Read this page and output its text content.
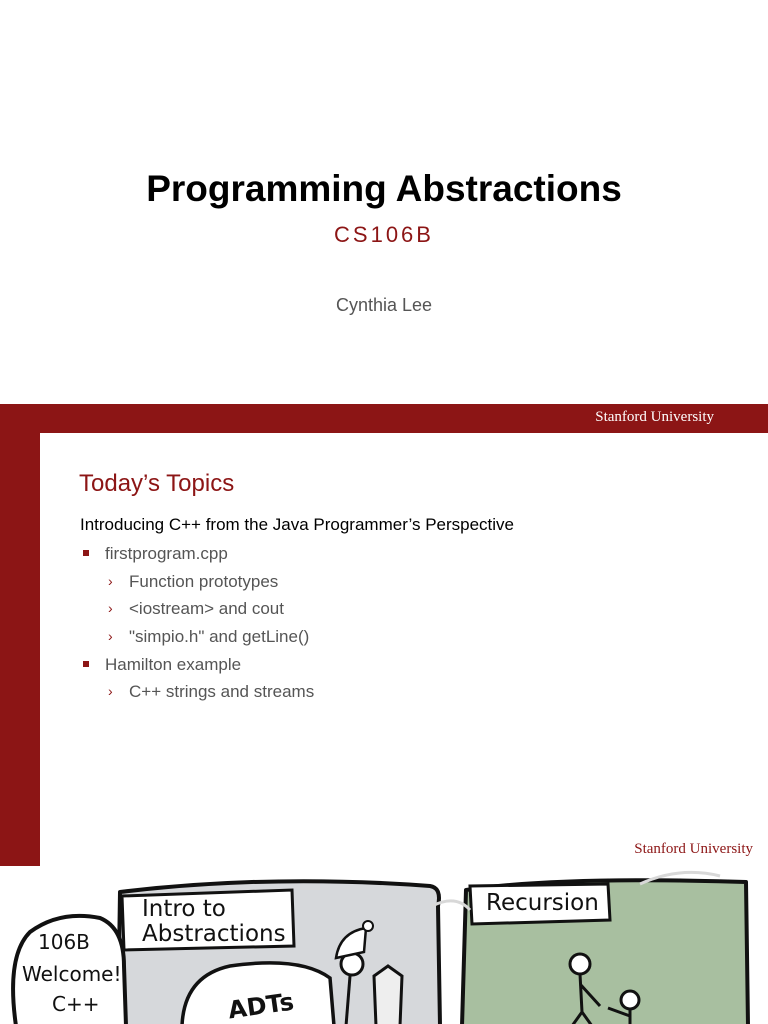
Programming Abstractions
CS106B
Cynthia Lee
Stanford University
Today’s Topics
Introducing C++ from the Java Programmer’s Perspective
firstprogram.cpp
› Function prototypes
› <iostream> and cout
› "simpio.h" and getLine()
Hamilton example
› C++ strings and streams
Stanford University
106B
Welcome!
C++
Intro to
Abstractions
ADTs
Recursion
